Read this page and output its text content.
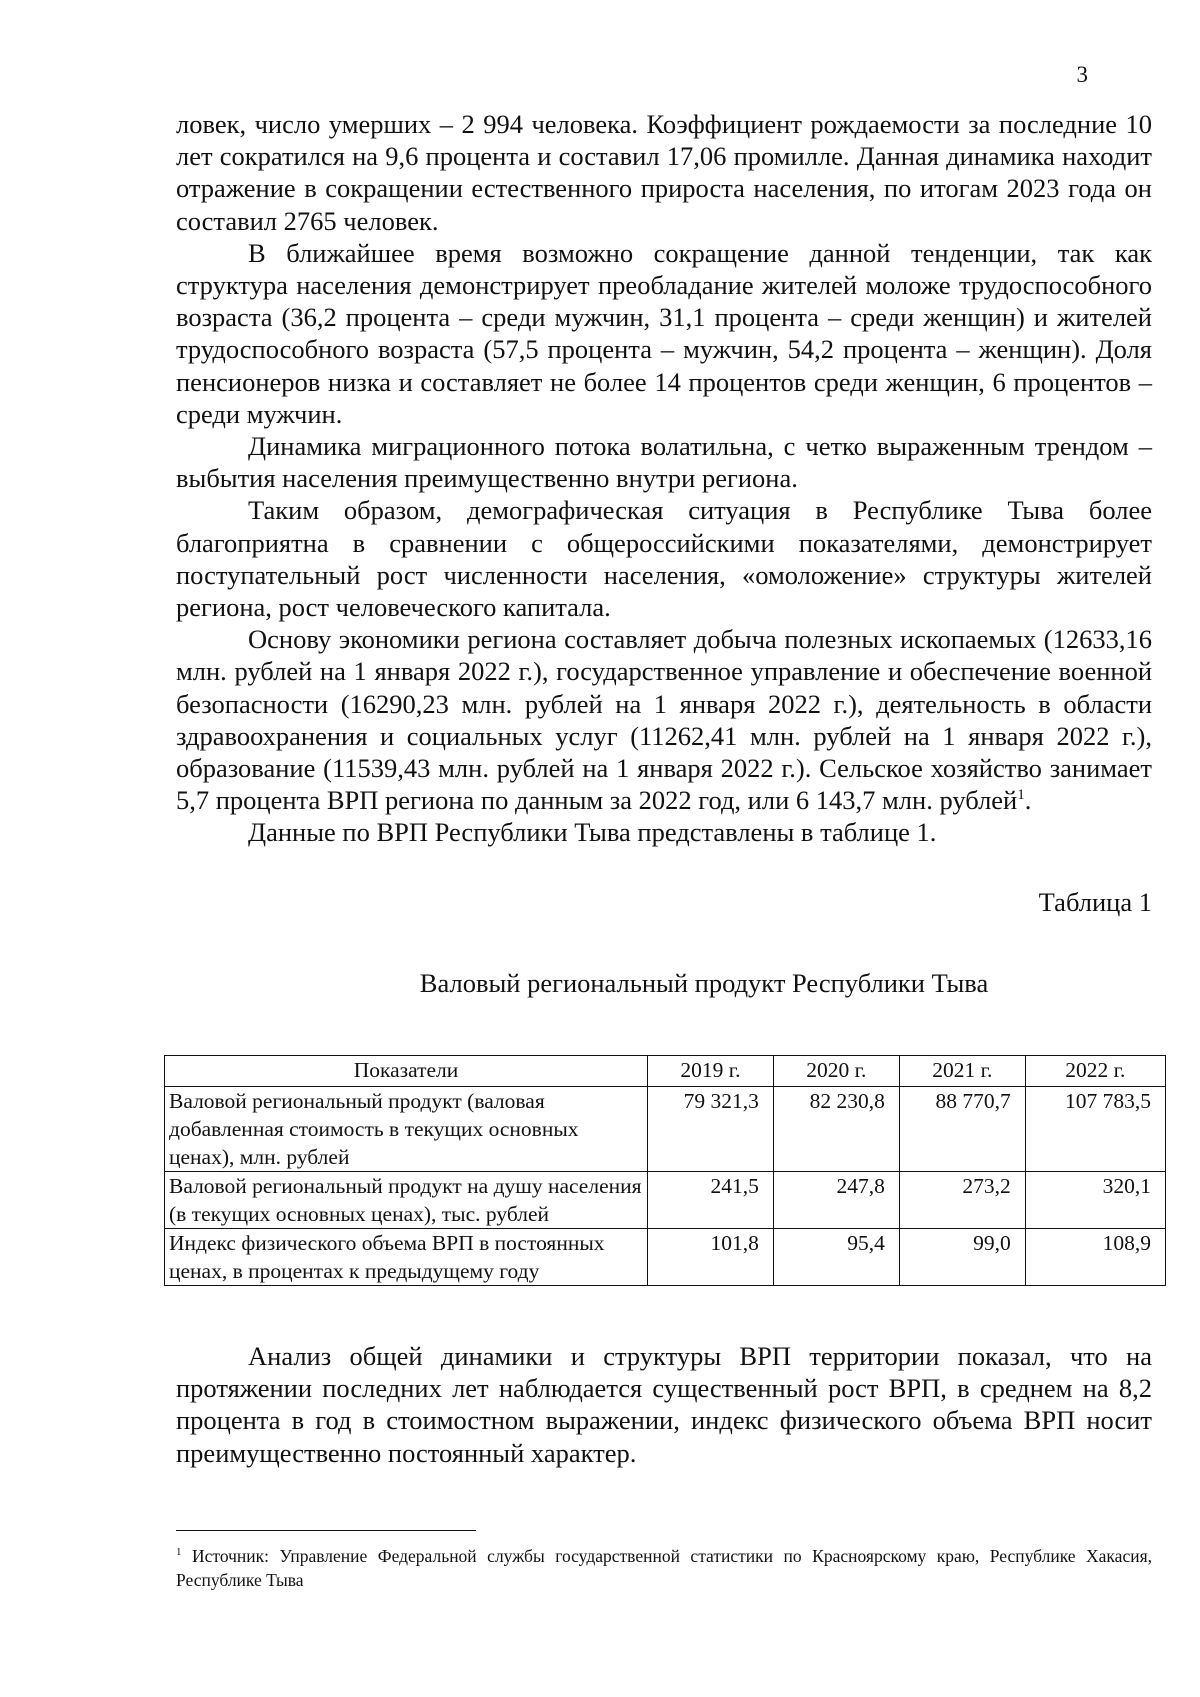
3

ловек, число умерших – 2 994 человека. Коэффициент рождаемости за последние 10 лет сократился на 9,6 процента и составил 17,06 промилле. Данная динамика находит отражение в сокращении естественного прироста населения, по итогам 2023 года он составил 2765 человек.

В ближайшее время возможно сокращение данной тенденции, так как структура населения демонстрирует преобладание жителей моложе трудоспособного возраста (36,2 процента – среди мужчин, 31,1 процента – среди женщин) и жителей трудоспособного возраста (57,5 процента – мужчин, 54,2 процента – женщин). Доля пенсионеров низка и составляет не более 14 процентов среди женщин, 6 процентов – среди мужчин.

Динамика миграционного потока волатильна, с четко выраженным трендом – выбытия населения преимущественно внутри региона.

Таким образом, демографическая ситуация в Республике Тыва более благоприятна в сравнении с общероссийскими показателями, демонстрирует поступательный рост численности населения, «омоложение» структуры жителей региона, рост человеческого капитала.

Основу экономики региона составляет добыча полезных ископаемых (12633,16 млн. рублей на 1 января 2022 г.), государственное управление и обеспечение военной безопасности (16290,23 млн. рублей на 1 января 2022 г.), деятельность в области здравоохранения и социальных услуг (11262,41 млн. рублей на 1 января 2022 г.), образование (11539,43 млн. рублей на 1 января 2022 г.). Сельское хозяйство занимает 5,7 процента ВРП региона по данным за 2022 год, или 6 143,7 млн. рублей$^1$.

Данные по ВРП Республики Тыва представлены в таблице 1.

Таблица 1
Валовый региональный продукт Республики Тыва
Показатели	2019 г.	2020 г.	2021 г.	2022 г.
Валовой региональный продукт (валовая добавленная стоимость в текущих основных ценах), млн. рублей	79 321,3	82 230,8	88 770,7	107 783,5
Валовой региональный продукт на душу населения (в текущих основных ценах), тыс. рублей	241,5	247,8	273,2	320,1
Индекс физического объема ВРП в постоянных ценах, в процентах к предыдущему году	101,8	95,4	99,0	108,9

Анализ общей динамики и структуры ВРП территории показал, что на протяжении последних лет наблюдается существенный рост ВРП, в среднем на 8,2 процента в год в стоимостном выражении, индекс физического объема ВРП носит преимущественно постоянный характер.

$^1$ Источник: Управление Федеральной службы государственной статистики по Красноярскому краю, Республике Хакасия, Республике Тыва
